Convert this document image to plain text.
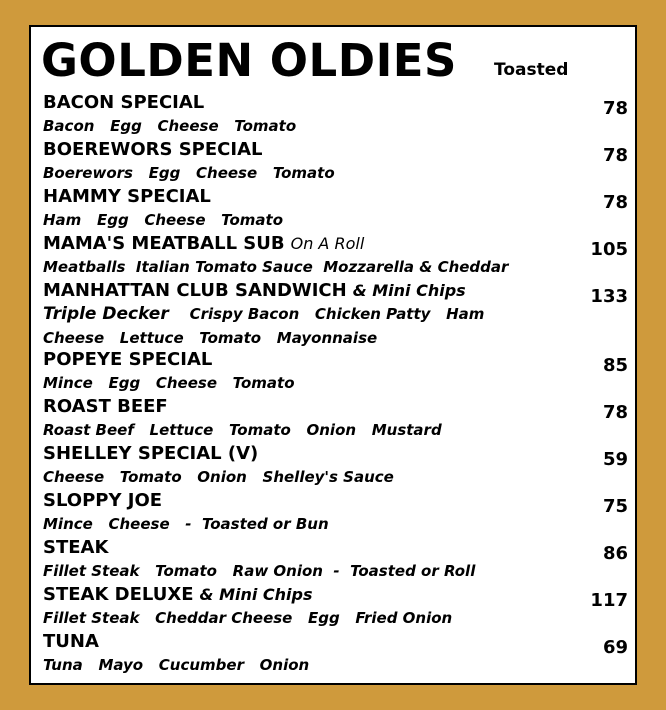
GOLDEN OLDIES Toasted
BACON SPECIAL
Bacon   Egg   Cheese   Tomato
78
BOEREWORS SPECIAL
Boerewors   Egg   Cheese   Tomato
78
HAMMY SPECIAL
Ham   Egg   Cheese   Tomato
78
MAMA'S MEATBALL SUB On A Roll
Meatballs  Italian Tomato Sauce  Mozzarella & Cheddar
105
MANHATTAN CLUB SANDWICH & Mini Chips
Triple Decker Crispy Bacon   Chicken Patty   Ham
Cheese   Lettuce   Tomato   Mayonnaise
133
POPEYE SPECIAL
Mince   Egg   Cheese   Tomato
85
ROAST BEEF
Roast Beef   Lettuce   Tomato   Onion   Mustard
78
SHELLEY SPECIAL (V)
Cheese   Tomato   Onion   Shelley's Sauce
59
SLOPPY JOE
Mince   Cheese   -  Toasted or Bun
75
STEAK
Fillet Steak   Tomato   Raw Onion  -  Toasted or Roll
86
STEAK DELUXE & Mini Chips
Fillet Steak   Cheddar Cheese   Egg   Fried Onion
117
TUNA
Tuna   Mayo   Cucumber   Onion
69
